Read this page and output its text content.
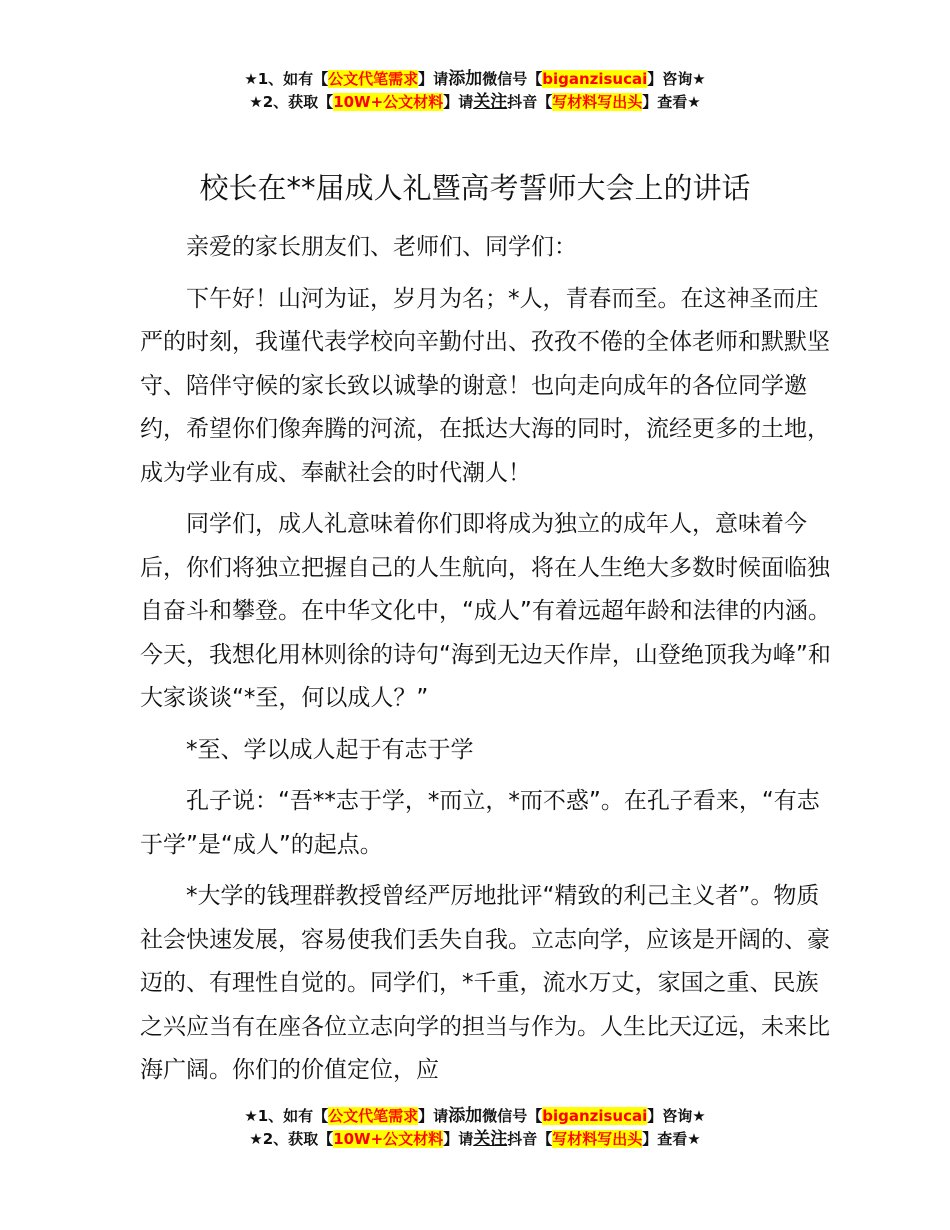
★1、如有【公文代笔需求】请添加微信号【biganzisucai】咨询★
★2、获取【10W+公文材料】请关注抖音【写材料写出头】查看★
校长在**届成人礼暨高考誓师大会上的讲话

亲爱的家长朋友们、老师们、同学们：

下午好！山河为证，岁月为名；*人，青春而至。在这神圣而庄严的时刻，我谨代表学校向辛勤付出、孜孜不倦的全体老师和默默坚守、陪伴守候的家长致以诚挚的谢意！也向走向成年的各位同学邀约，希望你们像奔腾的河流，在抵达大海的同时，流经更多的土地，成为学业有成、奉献社会的时代潮人！

同学们，成人礼意味着你们即将成为独立的成年人，意味着今后，你们将独立把握自己的人生航向，将在人生绝大多数时候面临独自奋斗和攀登。在中华文化中，“成人”有着远超年龄和法律的内涵。今天，我想化用林则徐的诗句“海到无边天作岸，山登绝顶我为峰”和大家谈谈“*至，何以成人？”

*至、学以成人起于有志于学

孔子说：“吾**志于学，*而立，*而不惑”。在孔子看来，“有志于学”是“成人”的起点。

*大学的钱理群教授曾经严厉地批评“精致的利己主义者”。物质社会快速发展，容易使我们丢失自我。立志向学，应该是开阔的、豪迈的、有理性自觉的。同学们，*千重，流水万丈，家国之重、民族之兴应当有在座各位立志向学的担当与作为。人生比天辽远，未来比海广阔。你们的价值定位，应

★1、如有【公文代笔需求】请添加微信号【biganzisucai】咨询★
★2、获取【10W+公文材料】请关注抖音【写材料写出头】查看★
